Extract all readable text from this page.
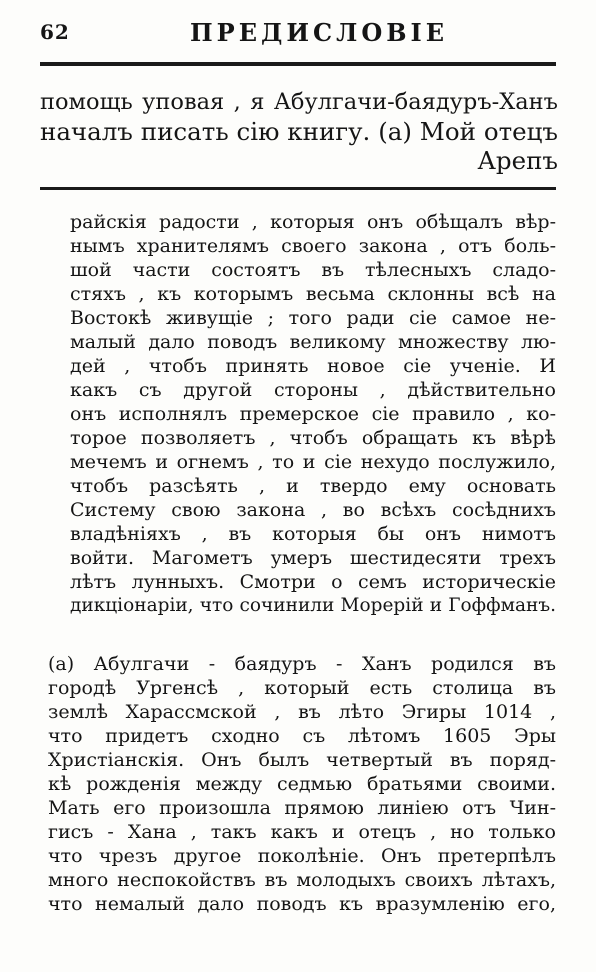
62	ПРЕДИСЛОВIЕ
помощь уповая , я Абулгачи-баядуръ-Ханъ
началъ писать сiю книгу. (а) Мой отецъ
Арепъ
райскiя радости , которыя онъ обѣщалъ вѣр-
нымъ хранителямъ своего закона , отъ боль-
шой части состоятъ въ тѣлесныхъ сладо-
стяхъ , къ которымъ весьма склонны всѣ на
Востокѣ живущiе ; того ради сiе самое не-
малый дало поводъ великому множеству лю-
дей , чтобъ принять новое сiе ученiе. И
какъ съ другой стороны , дѣйствительно
онъ исполнялъ премерское сiе правило , ко-
торое позволяетъ , чтобъ обращать къ вѣрѣ
мечемъ и огнемъ , то и сiе нехудо послужило,
чтобъ разсѣять , и твердо ему основать
Систему свою закона , во всѣхъ сосѣднихъ
владѣнiяхъ , въ которыя бы онъ нимотъ
войти. Магометъ умеръ шестидесяти трехъ
лѣтъ лунныхъ. Смотри о семъ историческiе
дикцiонарiи, что сочинили Морерiй и Гоффманъ.
(а) Абулгачи - баядуръ - Ханъ родился въ
городѣ Ургенсѣ , который есть столица въ
землѣ Харассмской , въ лѣто Эгиры 1014 ,
что придетъ сходно съ лѣтомъ 1605 Эры
Христiанскiя. Онъ былъ четвертый въ поряд-
кѣ рожденiя между седмью братьями своими.
Мать его произошла прямою линiею отъ Чин-
гисъ - Хана , такъ какъ и отецъ , но только
что чрезъ другое поколѣнiе. Онъ претерпѣлъ
много неспокойствъ въ молодыхъ своихъ лѣтахъ,
что немалый дало поводъ къ вразумленiю его,
